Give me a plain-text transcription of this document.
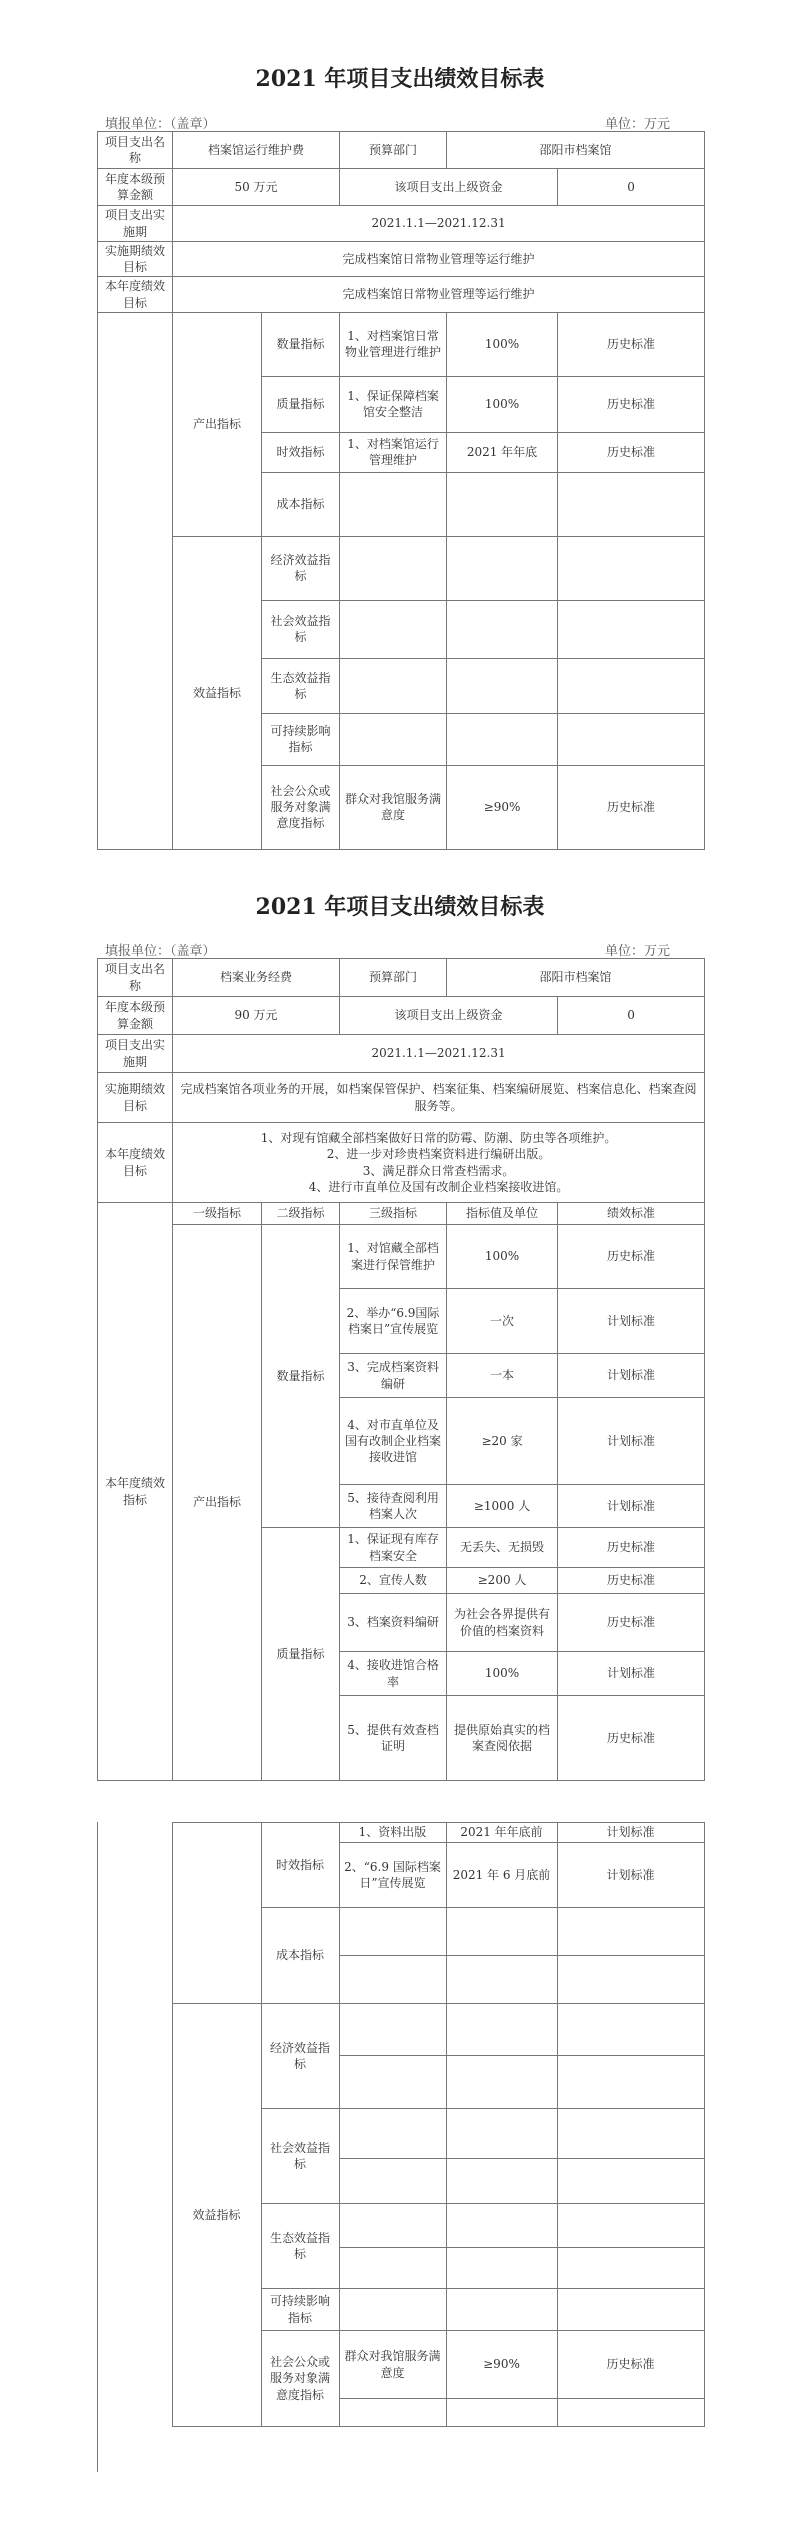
2021 年项目支出绩效目标表
填报单位：（盖章）	单位：万元
项目支出名称	档案馆运行维护费		预算部门	邵阳市档案馆	
年度本级预算金额	50 万元		该项目支出上级资金		0
项目支出实施期	2021.1.1—2021.12.31				
实施期绩效目标	完成档案馆日常物业管理等运行维护				
本年度绩效目标	完成档案馆日常物业管理等运行维护				
	产出指标	数量指标	1、对档案馆日常物业管理进行维护	100%	历史标准
		质量指标	1、保证保障档案馆安全整洁	100%	历史标准
		时效指标	1、对档案馆运行管理维护	2021 年年底	历史标准
		成本指标			
	效益指标	经济效益指标			
		社会效益指标			
		生态效益指标			
		可持续影响指标			
		社会公众或服务对象满意度指标	群众对我馆服务满意度	≥90%	历史标准
2021 年项目支出绩效目标表
填报单位：（盖章）	单位：万元
项目支出名称	档案业务经费		预算部门	邵阳市档案馆	
年度本级预算金额	90 万元		该项目支出上级资金		0
项目支出实施期	2021.1.1—2021.12.31				
实施期绩效目标	完成档案馆各项业务的开展，如档案保管保护、档案征集、档案编研展览、档案信息化、档案查阅服务等。				
本年度绩效目标	1、对现有馆藏全部档案做好日常的防霉、防潮、防虫等各项维护。
2、进一步对珍贵档案资料进行编研出版。
3、满足群众日常查档需求。
4、进行市直单位及国有改制企业档案接收进馆。				

本年度绩效指标	一级指标	二级指标	三级指标	指标值及单位	绩效标准
	产出指标	数量指标	1、对馆藏全部档案进行保管维护	100%	历史标准
			2、举办“6.9国际档案日”宣传展览	一次	计划标准
			3、完成档案资料编研	一本	计划标准
			4、对市直单位及国有改制企业档案接收进馆	≥20 家	计划标准
			5、接待查阅利用档案人次	≥1000 人	计划标准
		质量指标	1、保证现有库存档案安全	无丢失、无损毁	历史标准
			2、宣传人数	≥200 人	历史标准
			3、档案资料编研	为社会各界提供有价值的档案资料	历史标准
			4、接收进馆合格率	100%	计划标准
			5、提供有效查档证明	提供原始真实的档案查阅依据	历史标准
		时效指标	1、资料出版	2021 年年底前	计划标准
			2、“6.9 国际档案日”宣传展览	2021 年 6 月底前	计划标准
		成本指标			

	效益指标	经济效益指标			

		社会效益指标			

		生态效益指标			

		可持续影响指标			
		社会公众或服务对象满意度指标	群众对我馆服务满意度	≥90%	历史标准
